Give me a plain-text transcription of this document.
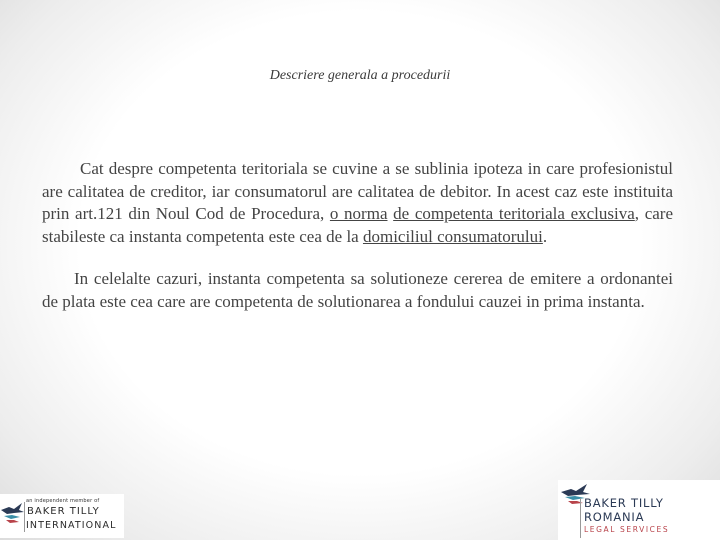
Descriere generala a procedurii

Cat despre competenta teritoriala se cuvine a se sublinia ipoteza in care profesionistul are calitatea de creditor, iar consumatorul are calitatea de debitor. In acest caz este instituita prin art.121 din Noul Cod de Procedura, o norma de competenta teritoriala exclusiva, care stabileste ca instanta competenta este cea de la domiciliul consumatorului.

In celelalte cazuri, instanta competenta sa solutioneze cererea de emitere a ordonantei de plata este cea care are competenta de solutionarea a fondului cauzei in prima instanta.

an independent member of
BAKER TILLY
INTERNATIONAL
BAKER TILLY
ROMANIA
LEGAL SERVICES
